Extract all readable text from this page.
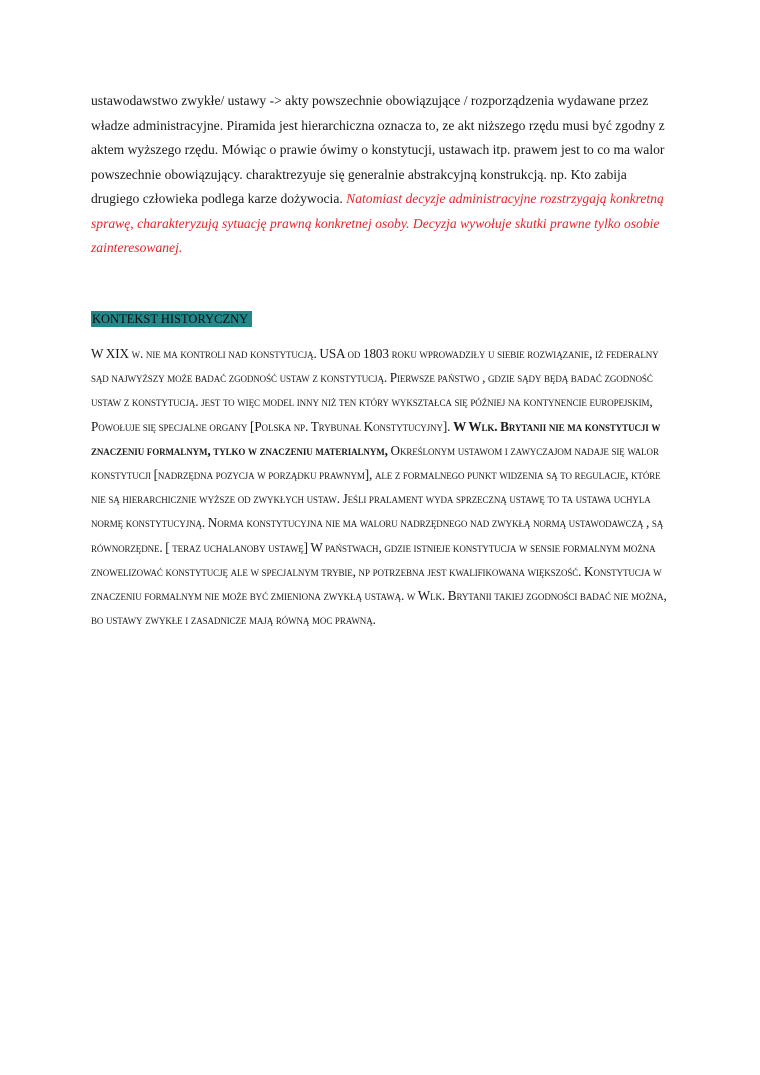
ustawodawstwo zwykłe/ ustawy -> akty powszechnie obowiązujące / rozporządzenia wydawane przez władze administracyjne. Piramida jest hierarchiczna oznacza to, ze akt niższego rzędu musi być zgodny z aktem wyższego rzędu. Mówiąc o prawie ówimy o konstytucji, ustawach itp. prawem jest to co ma walor powszechnie obowiązujący. charaktrezyuje się generalnie abstrakcyjną konstrukcją. np. Kto zabija drugiego człowieka podlega karze dożywocia. Natomiast decyzje administracyjne rozstrzygają konkretną sprawę, charakteryzują sytuację prawną konkretnej osoby. Decyzja wywołuje skutki prawne tylko osobie zainteresowanej.

KONTEKST HISTORYCZNY

W XIX w. nie ma kontroli nad konstytucją. USA od 1803 roku wprowadziły u siebie rozwiązanie, iż federalny sąd najwyższy może badać zgodność ustaw z konstytucją. Pierwsze państwo , gdzie sądy będą badać zgodność ustaw z konstytucją. jest to więc model inny niż ten który wykształca się później na kontynencie europejskim, Powołuje się specjalne organy [Polska np. Trybunał Konstytucyjny]. W Wlk. Brytanii nie ma konstytucji w znaczeniu formalnym, tylko w znaczeniu materialnym, Określonym ustawom i zawyczajom nadaje się walor konstytucji [nadrzędna pozycja w porządku prawnym], ale z formalnego punkt widzenia są to regulacje, które nie są hierarchicznie wyższe od zwykłych ustaw. Jeśli pralament wyda sprzeczną ustawę to ta ustawa uchyla normę konstytucyjną. Norma konstytucyjna nie ma waloru nadrzędnego nad zwykłą normą ustawodawczą , są równorzędne. [ teraz uchalanoby ustawę] W państwach, gdzie istnieje konstytucja w sensie formalnym można znowelizować konstytucję ale w specjalnym trybie, np potrzebna jest kwalifikowana większość. Konstytucja w znaczeniu formalnym nie może być zmieniona zwykłą ustawą. w Wlk. Brytanii takiej zgodności badać nie można, bo ustawy zwykłe i zasadnicze mają równą moc prawną.
